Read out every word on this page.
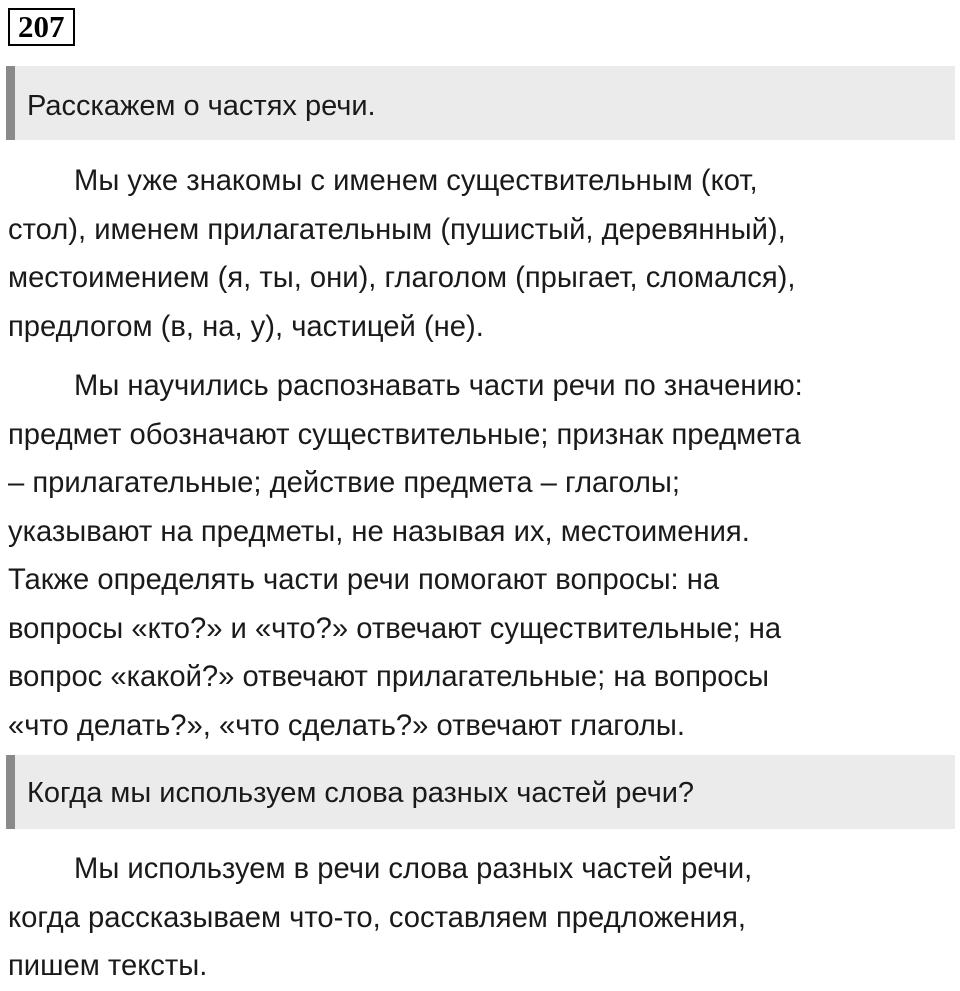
207
Расскажем о частях речи.

Мы уже знакомы с именем существительным (кот,
стол), именем прилагательным (пушистый, деревянный),
местоимением (я, ты, они), глаголом (прыгает, сломался),
предлогом (в, на, у), частицей (не).

Мы научились распознавать части речи по значению:
предмет обозначают существительные; признак предмета
– прилагательные; действие предмета – глаголы;
указывают на предметы, не называя их, местоимения.
Также определять части речи помогают вопросы: на
вопросы «кто?» и «что?» отвечают существительные; на
вопрос «какой?» отвечают прилагательные; на вопросы
«что делать?», «что сделать?» отвечают глаголы.

Когда мы используем слова разных частей речи?

Мы используем в речи слова разных частей речи,
когда рассказываем что-то, составляем предложения,
пишем тексты.
